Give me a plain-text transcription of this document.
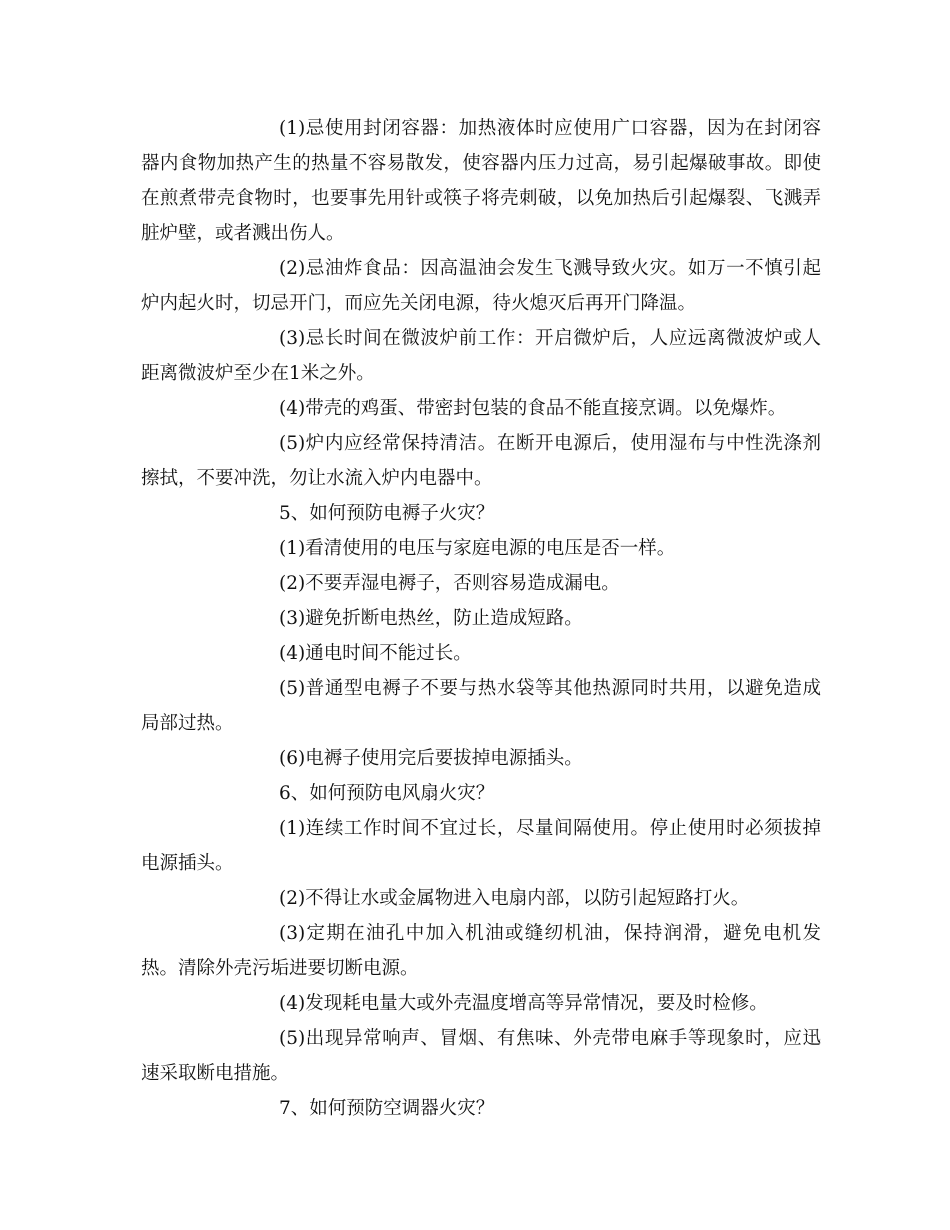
(1)忌使用封闭容器：加热液体时应使用广口容器，因为在封闭容器内食物加热产生的热量不容易散发，使容器内压力过高，易引起爆破事故。即使在煎煮带壳食物时，也要事先用针或筷子将壳刺破，以免加热后引起爆裂、飞溅弄脏炉壁，或者溅出伤人。

(2)忌油炸食品：因高温油会发生飞溅导致火灾。如万一不慎引起炉内起火时，切忌开门，而应先关闭电源，待火熄灭后再开门降温。

(3)忌长时间在微波炉前工作：开启微炉后，人应远离微波炉或人距离微波炉至少在1米之外。

(4)带壳的鸡蛋、带密封包装的食品不能直接烹调。以免爆炸。

(5)炉内应经常保持清洁。在断开电源后，使用湿布与中性洗涤剂擦拭，不要冲洗，勿让水流入炉内电器中。

5、如何预防电褥子火灾？

(1)看清使用的电压与家庭电源的电压是否一样。

(2)不要弄湿电褥子，否则容易造成漏电。

(3)避免折断电热丝，防止造成短路。

(4)通电时间不能过长。

(5)普通型电褥子不要与热水袋等其他热源同时共用，以避免造成局部过热。

(6)电褥子使用完后要拔掉电源插头。

6、如何预防电风扇火灾？

(1)连续工作时间不宜过长，尽量间隔使用。停止使用时必须拔掉电源插头。

(2)不得让水或金属物进入电扇内部，以防引起短路打火。

(3)定期在油孔中加入机油或缝纫机油，保持润滑，避免电机发热。清除外壳污垢进要切断电源。

(4)发现耗电量大或外壳温度增高等异常情况，要及时检修。

(5)出现异常响声、冒烟、有焦味、外壳带电麻手等现象时，应迅速采取断电措施。

7、如何预防空调器火灾？
